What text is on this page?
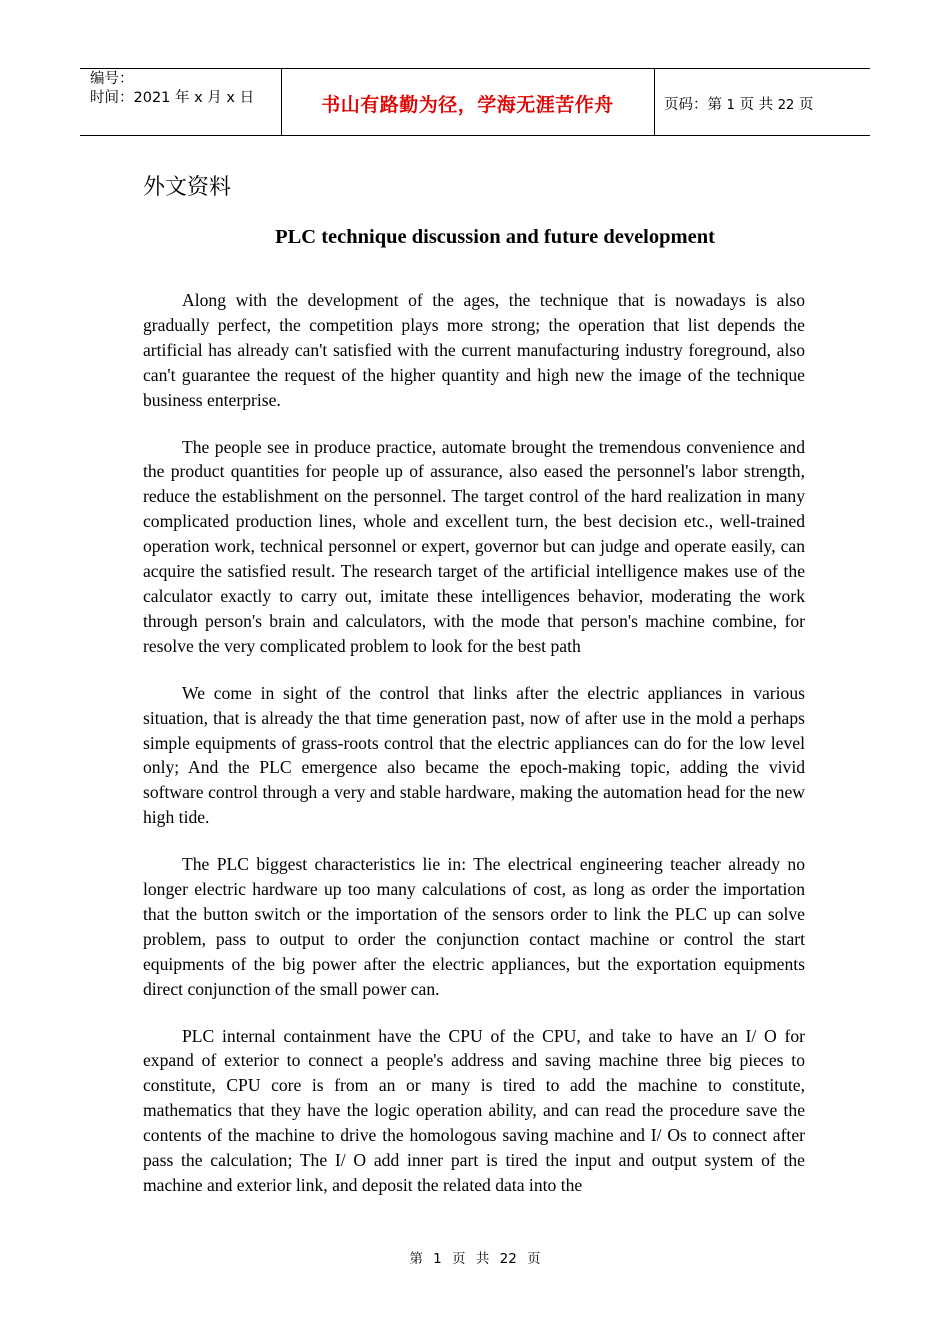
编号：
时间：2021 年 x 月 x 日	书山有路勤为径，学海无涯苦作舟	页码：第 1 页 共 22 页
外文资料
PLC technique discussion and future development

Along with the development of the ages, the technique that is nowadays is also gradually perfect, the competition plays more strong; the operation that list depends the artificial has already can't satisfied with the current manufacturing industry foreground, also can't guarantee the request of the higher quantity and high new the image of the technique business enterprise.

The people see in produce practice, automate brought the tremendous convenience and the product quantities for people up of assurance, also eased the personnel's labor strength, reduce the establishment on the personnel. The target control of the hard realization in many complicated production lines, whole and excellent turn, the best decision etc., well-trained operation work, technical personnel or expert, governor but can judge and operate easily, can acquire the satisfied result. The research target of the artificial intelligence makes use of the calculator exactly to carry out, imitate these intelligences behavior, moderating the work through person's brain and calculators, with the mode that person's machine combine, for resolve the very complicated problem to look for the best path

We come in sight of the control that links after the electric appliances in various situation, that is already the that time generation past, now of after use in the mold a perhaps simple equipments of grass-roots control that the electric appliances can do for the low level only; And the PLC emergence also became the epoch-making topic, adding the vivid software control through a very and stable hardware, making the automation head for the new high tide.

The PLC biggest characteristics lie in: The electrical engineering teacher already no longer electric hardware up too many calculations of cost, as long as order the importation that the button switch or the importation of the sensors order to link the PLC up can solve problem, pass to output to order the conjunction contact machine or control the start equipments of the big power after the electric appliances, but the exportation equipments direct conjunction of the small power can.

PLC internal containment have the CPU of the CPU, and take to have an I/ O for expand of exterior to connect a people's address and saving machine three big pieces to constitute, CPU core is from an or many is tired to add the machine to constitute, mathematics that they have the logic operation ability, and can read the procedure save the contents of the machine to drive the homologous saving machine and I/ Os to connect after pass the calculation; The I/ O add inner part is tired the input and output system of the machine and exterior link, and deposit the related data into the

第 1 页 共 22 页
